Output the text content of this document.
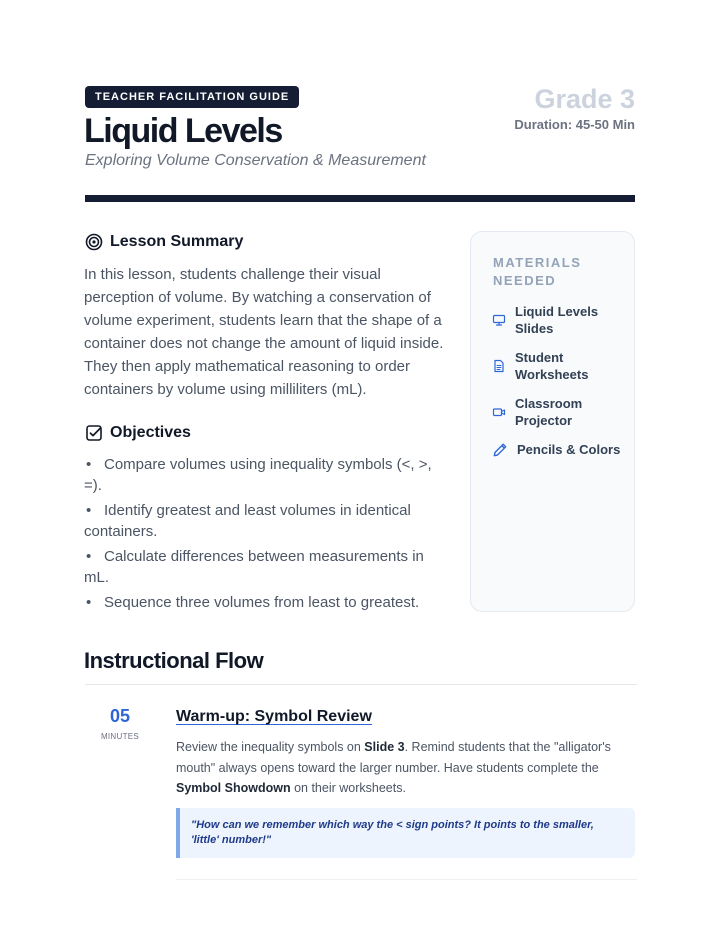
TEACHER FACILITATION GUIDE
Liquid Levels
Exploring Volume Conservation & Measurement
Grade 3
Duration: 45-50 Min
Lesson Summary

In this lesson, students challenge their visual perception of volume. By watching a conservation of volume experiment, students learn that the shape of a container does not change the amount of liquid inside. They then apply mathematical reasoning to order containers by volume using milliliters (mL).

Objectives
• Compare volumes using inequality symbols (<, >, =).
• Identify greatest and least volumes in identical containers.
• Calculate differences between measurements in mL.
• Sequence three volumes from least to greatest.
MATERIALS NEEDED
Liquid Levels Slides
Student Worksheets
Classroom Projector
Pencils & Colors
Instructional Flow
05
MINUTES
Warm-up: Symbol Review

Review the inequality symbols on Slide 3. Remind students that the "alligator's mouth" always opens toward the larger number. Have students complete the Symbol Showdown on their worksheets.

"How can we remember which way the < sign points? It points to the smaller, 'little' number!"
